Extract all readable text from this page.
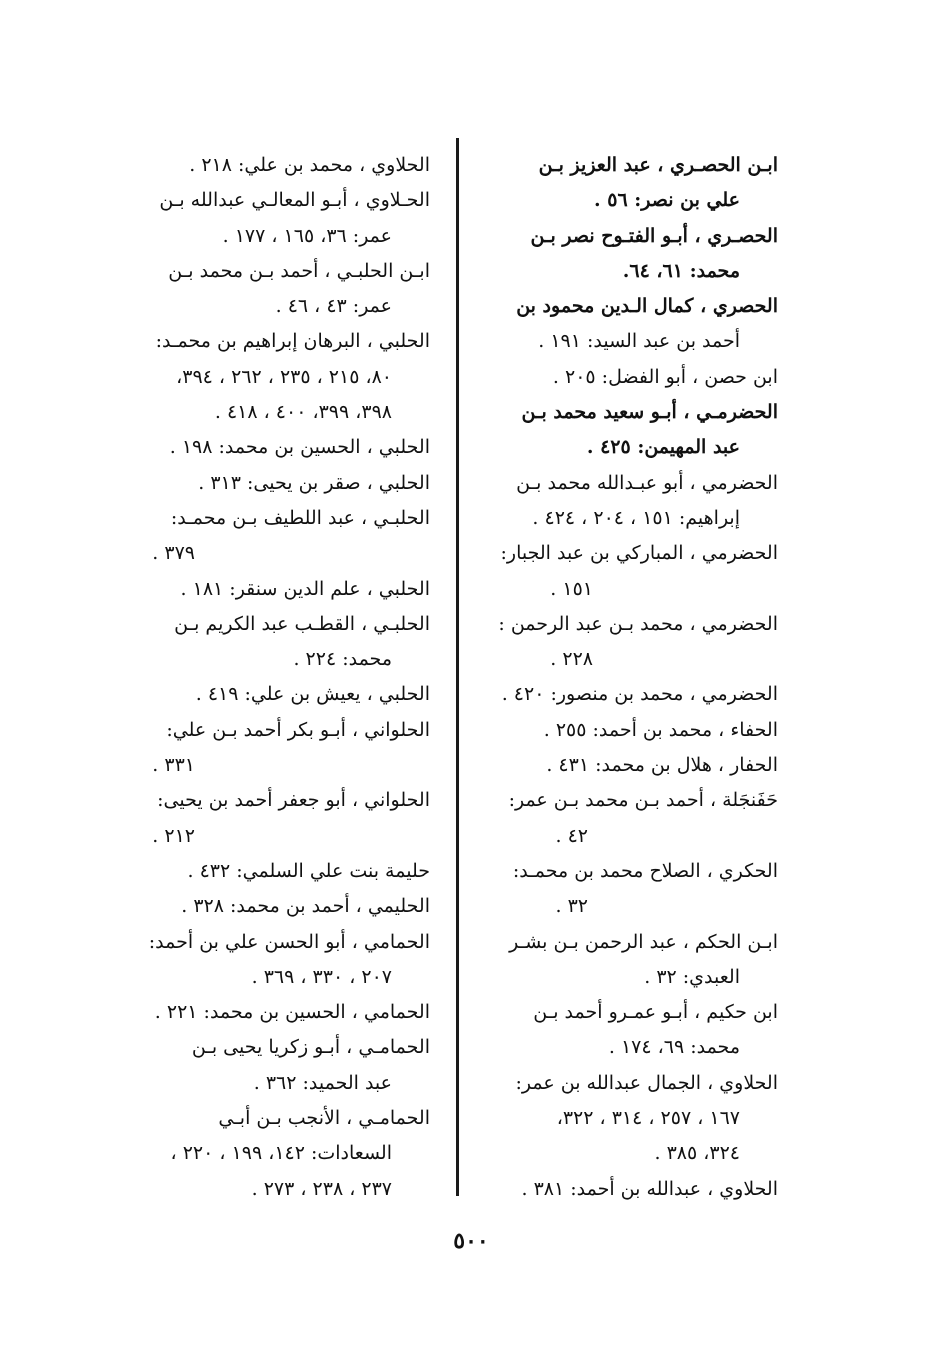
ابـن الحصـري ، عبد العزيز بـن
علي بن نصر: ٥٦ .
الحصـري ، أبـو الفتـوح نصر بـن
محمد: ٦١، ٦٤.
الحصري ، كمال الـدين محمود بن
أحمد بن عبد السيد: ١٩١ .
ابن حصن ، أبو الفضل: ٢٠٥ .
الحضرمـي ، أبـو سعيد محمد بـن
عبد المهيمن: ٤٢٥ .
الحضرمي ، أبو عبـدالله محمد بـن
إبراهيم: ١٥١ ، ٢٠٤ ، ٤٢٤ .
الحضرمي ، المباركي بن عبد الجبار:
١٥١ .
الحضرمي ، محمد بـن عبد الرحمن :
٢٢٨ .
الحضرمي ، محمد بن منصور: ٤٢٠ .
الحفاء ، محمد بن أحمد: ٢٥٥ .
الحفار ، هلال بن محمد: ٤٣١ .
حَفَنجَلة ، أحمد بـن محمد بـن عمر:
٤٢ .
الحكري ، الصلاح محمد بن محمـد:
٣٢ .
ابـن الحكم ، عبد الرحمن بـن بشـر
العبدي: ٣٢ .
ابن حكيم ، أبـو عمـرو أحمد بـن
محمد: ٦٩، ١٧٤ .
الحلاوي ، الجمال عبدالله بن عمر:
١٦٧ ، ٢٥٧ ، ٣١٤ ، ٣٢٢،
٣٢٤، ٣٨٥ .
الحلاوي ، عبدالله بن أحمد: ٣٨١ .
الحلاوي ، محمد بن علي: ٢١٨ .
الحـلاوي ، أبـو المعالـي عبدالله بـن
عمر: ٣٦، ١٦٥ ، ١٧٧ .
ابـن الحلبـي ، أحمد بـن محمد بـن
عمر: ٤٣ ، ٤٦ .
الحلبي ، البرهان إبراهيم بن محمـد:
٨٠، ٢١٥ ، ٢٣٥ ، ٢٦٢ ، ٣٩٤،
٣٩٨، ٣٩٩، ٤٠٠ ، ٤١٨ .
الحلبي ، الحسين بن محمد: ١٩٨ .
الحلبي ، صقر بن يحيى: ٣١٣ .
الحلبـي ، عبد اللطيف بـن محمـد:
٣٧٩ .
الحلبي ، علم الدين سنقر: ١٨١ .
الحلبـي ، القطـب عبد الكريم بـن
محمد: ٢٢٤ .
الحلبي ، يعيش بن علي: ٤١٩ .
الحلواني ، أبـو بكر أحمد بـن علي:
٣٣١ .
الحلواني ، أبو جعفر أحمد بن يحيى:
٢١٢ .
حليمة بنت علي السلمي: ٤٣٢ .
الحليمي ، أحمد بن محمد: ٣٢٨ .
الحمامي ، أبو الحسن علي بن أحمد:
٢٠٧ ، ٣٣٠ ، ٣٦٩ .
الحمامي ، الحسين بن محمد: ٢٢١ .
الحمامـي ، أبـو زكريا يحيى بـن
عبد الحميد: ٣٦٢ .
الحمامـي ، الأنجب بـن أبـي
السعادات: ١٤٢، ١٩٩ ، ٢٢٠ ،
٢٣٧ ، ٢٣٨ ، ٢٧٣ .
٥٠٠
